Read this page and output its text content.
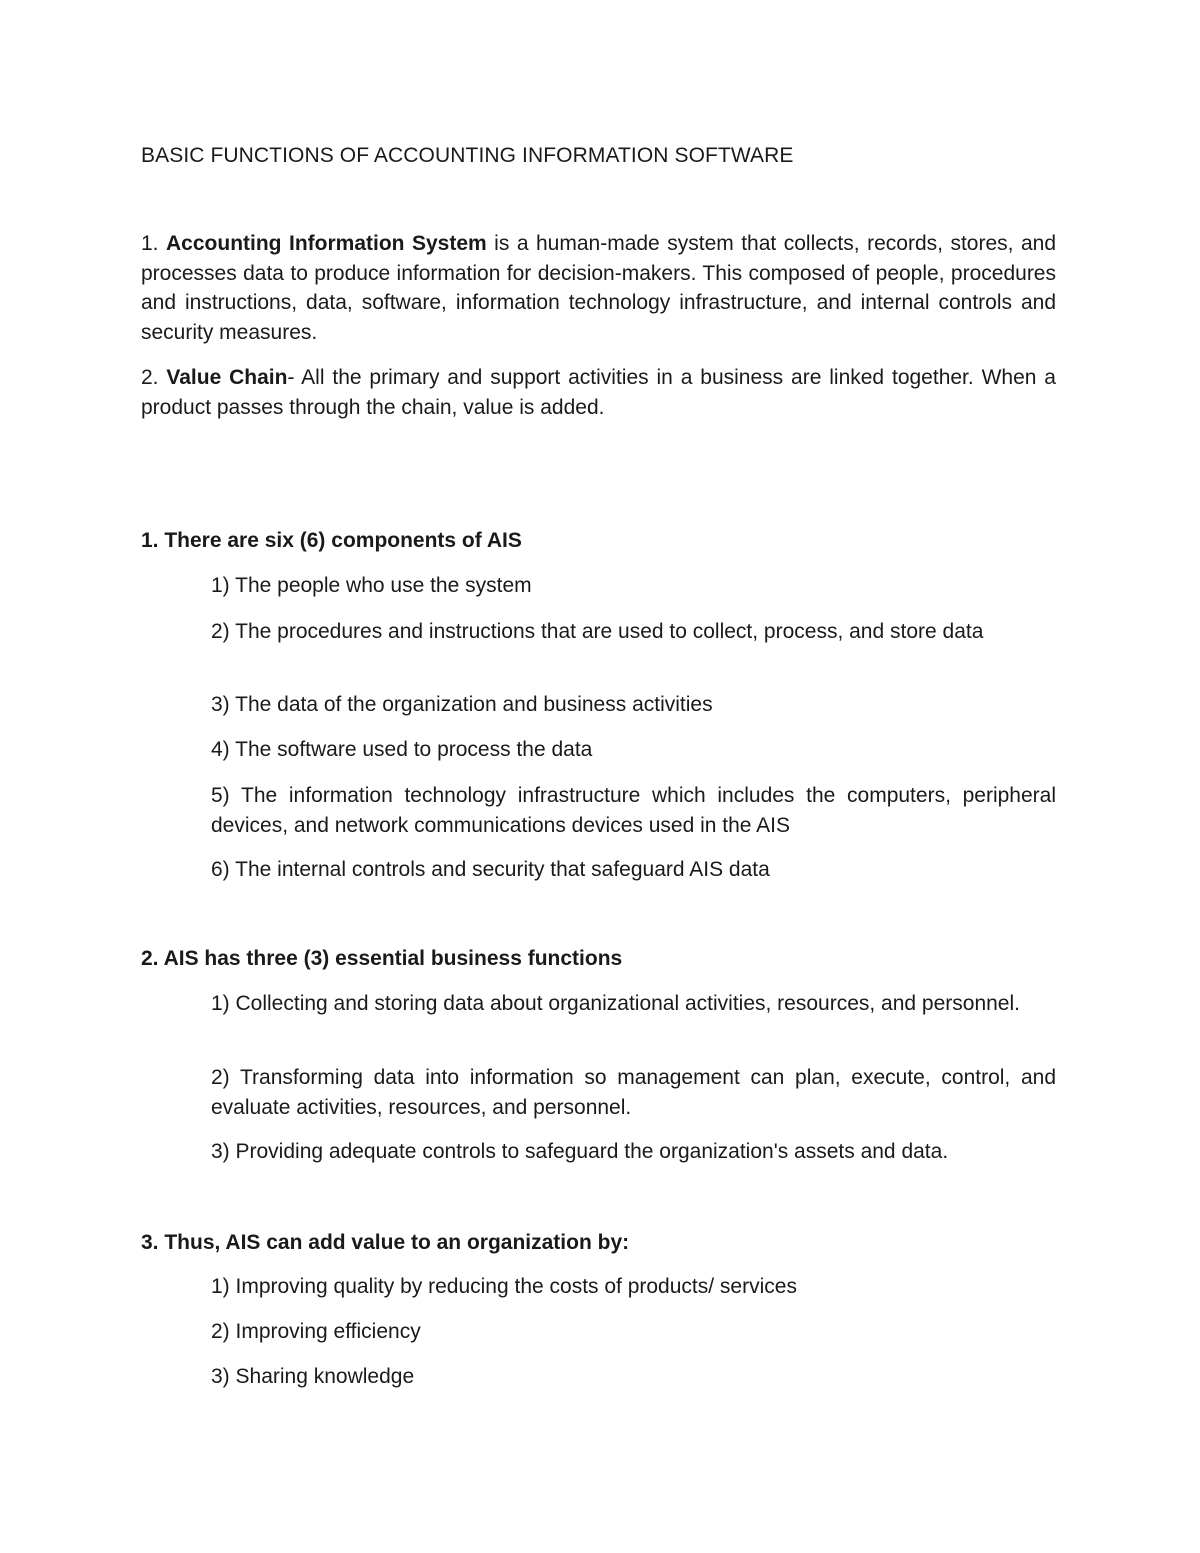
BASIC FUNCTIONS OF ACCOUNTING INFORMATION SOFTWARE

1. Accounting Information System is a human-made system that collects, records, stores, and processes data to produce information for decision-makers. This composed of people, procedures and instructions, data, software, information technology infrastructure, and internal controls and security measures.

2. Value Chain- All the primary and support activities in a business are linked together. When a product passes through the chain, value is added.

1. There are six (6) components of AIS

1) The people who use the system

2) The procedures and instructions that are used to collect, process, and store data

3) The data of the organization and business activities

4) The software used to process the data

5) The information technology infrastructure which includes the computers, peripheral devices, and network communications devices used in the AIS

6) The internal controls and security that safeguard AIS data

2. AIS has three (3) essential business functions

1) Collecting and storing data about organizational activities, resources, and personnel.

2) Transforming data into information so management can plan, execute, control, and evaluate activities, resources, and personnel.

3) Providing adequate controls to safeguard the organization's assets and data.

3. Thus, AIS can add value to an organization by:

1) Improving quality by reducing the costs of products/ services

2) Improving efficiency

3) Sharing knowledge
